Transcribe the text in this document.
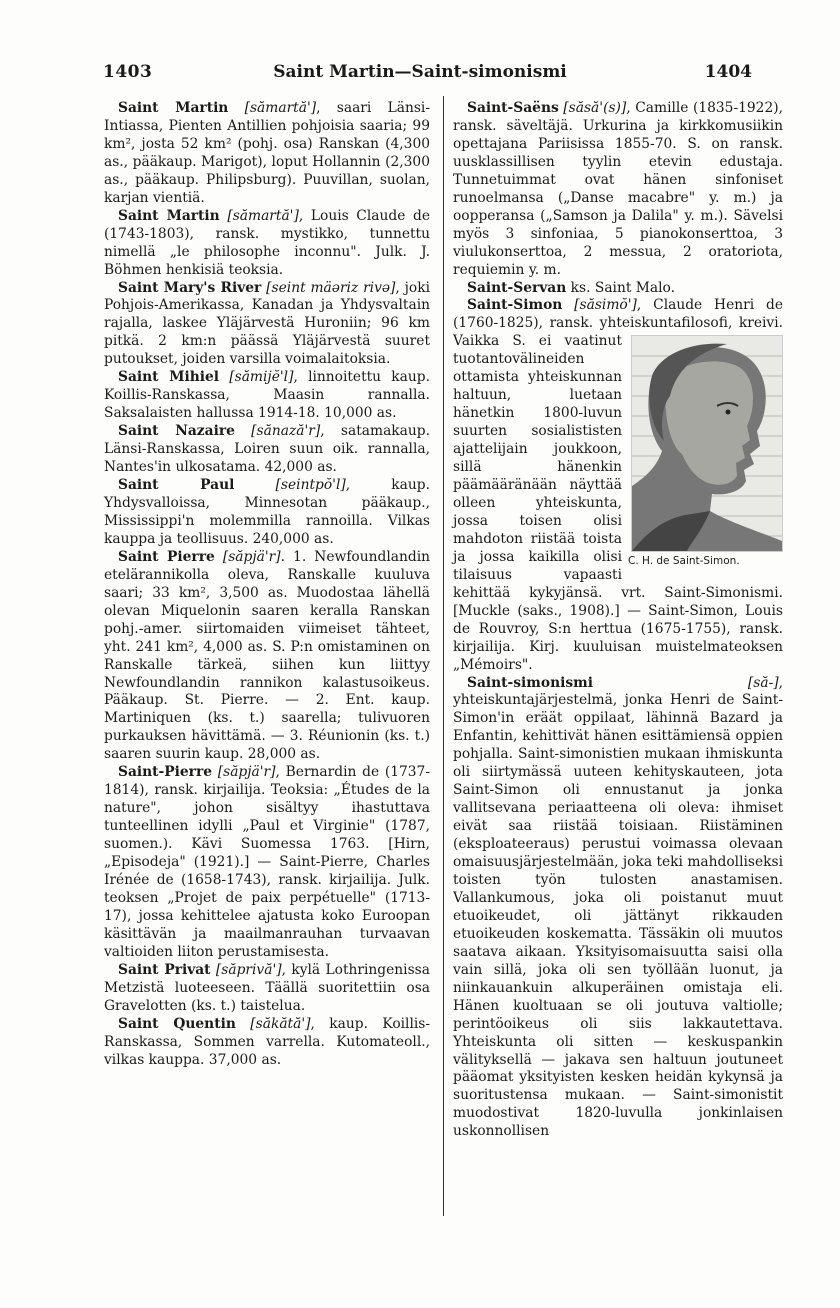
1403	Saint Martin—Saint-simonismi	1404

Saint Martin [sămartă'], saari Länsi-Intiassa, Pienten Antillien pohjoisia saaria; 99 km², josta 52 km² (pohj. osa) Ranskan (4,300 as., pääkaup. Marigot), loput Hollannin (2,300 as., pääkaup. Philipsburg). Puuvillan, suolan, karjan vientiä.

Saint Martin [sămartă'], Louis Claude de (1743-1803), ransk. mystikko, tunnettu nimellä „le philosophe inconnu". Julk. J. Böhmen henkisiä teoksia.

Saint Mary's River [seint mäəriz rivə], joki Pohjois-Amerikassa, Kanadan ja Yhdysvaltain rajalla, laskee Yläjärvestä Huroniin; 96 km pitkä. 2 km:n päässä Yläjärvestä suuret putoukset, joiden varsilla voimalaitoksia.

Saint Mihiel [sămijĕ'l], linnoitettu kaup. Koillis-Ranskassa, Maasin rannalla. Saksalaisten hallussa 1914-18. 10,000 as.

Saint Nazaire [sănază'r], satamakaup. Länsi-Ranskassa, Loiren suun oik. rannalla, Nantes'in ulkosatama. 42,000 as.

Saint Paul	[seintpŏ'l], kaup. Yhdysvalloissa, Minnesotan pääkaup., Mississippi'n molemmilla rannoilla. Vilkas kauppa ja teollisuus. 240,000 as.

Saint Pierre [săpjä'r]. 1. Newfoundlandin etelärannikolla oleva, Ranskalle kuuluva saari; 33 km², 3,500 as. Muodostaa lähellä olevan Miquelonin saaren keralla Ranskan pohj.-amer. siirtomaiden viimeiset tähteet, yht. 241 km², 4,000 as. S. P:n omistaminen on Ranskalle tärkeä, siihen kun liittyy Newfoundlandin rannikon kalastusoikeus. Pääkaup. St. Pierre. — 2. Ent. kaup. Martiniquen (ks. t.) saarella; tulivuoren purkauksen hävittämä. — 3. Réunionin (ks. t.) saaren suurin kaup. 28,000 as.

Saint-Pierre [săpjä'r], Bernardin de (1737-1814), ransk. kirjailija. Teoksia: „Études de la nature", johon sisältyy ihastuttava tunteellinen idylli „Paul et Virginie" (1787, suomen.). Kävi Suomessa 1763. [Hirn, „Episodeja" (1921).] — Saint-Pierre, Charles Irénée de (1658-1743), ransk. kirjailija. Julk. teoksen „Projet de paix perpétuelle" (1713-17), jossa kehittelee ajatusta koko Euroopan käsittävän ja maailmanrauhan turvaavan valtioiden liiton perustamisesta.

Saint Privat [săprivă'], kylä Lothringenissa Metzistä luoteeseen. Täällä suoritettiin osa Gravelotten (ks. t.) taistelua.

Saint Quentin [săkătă'], kaup. Koillis-Ranskassa, Sommen varrella. Kutomateoll., vilkas kauppa. 37,000 as.

Saint-Saëns [săsă'(s)], Camille (1835-1922), ransk. säveltäjä. Urkurina ja kirkkomusiikin opettajana Pariisissa 1855-70. S. on ransk. uusklassillisen tyylin etevin edustaja. Tunnetuimmat ovat hänen sinfoniset runoelmansa („Danse macabre" y. m.) ja oopperansa („Samson ja Dalila" y. m.). Sävelsi myös 3 sinfoniaa, 5 pianokonserttoa, 3 viulukonserttoa, 2 messua, 2 oratoriota, requiemin y. m.

Saint-Servan ks. Saint Malo.

Saint-Simon [săsimŏ'], Claude Henri de (1760-1825), ransk. yhteiskuntafilosofi, kreivi.
C. H. de Saint-Simon.
Vaikka S. ei vaatinut tuotantovälineiden ottamista yhteiskunnan haltuun, luetaan hänetkin 1800-luvun suurten sosialististen ajattelijain joukkoon, sillä hänenkin päämääränään näyttää olleen yhteiskunta, jossa toisen olisi mahdoton riistää toista ja jossa kaikilla olisi tilaisuus vapaasti kehittää kykyjänsä. vrt. Saint-Simonismi. [Muckle (saks., 1908).] — Saint-Simon, Louis de Rouvroy, S:n herttua (1675-1755), ransk. kirjailija. Kirj. kuuluisan muistelmateoksen „Mémoirs".

Saint-simonismi	[să-], yhteiskuntajärjestelmä, jonka Henri de Saint-Simon'in eräät oppilaat, lähinnä Bazard ja Enfantin, kehittivät hänen esittämiensä oppien pohjalla. Saint-simonistien mukaan ihmiskunta oli siirtymässä uuteen kehityskauteen, jota Saint-Simon oli ennustanut ja jonka vallitsevana periaatteena oli oleva: ihmiset eivät saa riistää toisiaan. Riistäminen (eksploateeraus) perustui voimassa olevaan omaisuusjärjestelmään, joka teki mahdolliseksi toisten työn tulosten anastamisen. Vallankumous, joka oli poistanut muut etuoikeudet, oli jättänyt rikkauden etuoikeuden koskematta. Tässäkin oli muutos saatava aikaan. Yksityisomaisuutta saisi olla vain sillä, joka oli sen työllään luonut, ja niinkauankuin alkuperäinen omistaja eli. Hänen kuoltuaan se oli joutuva valtiolle; perintöoikeus oli siis lakkautettava. Yhteiskunta oli sitten — keskuspankin välityksellä — jakava sen haltuun joutuneet pääomat yksityisten kesken heidän kykynsä ja suoritustensa mukaan. — Saint-simonistit muodostivat 1820-luvulla jonkinlaisen uskonnollisen
